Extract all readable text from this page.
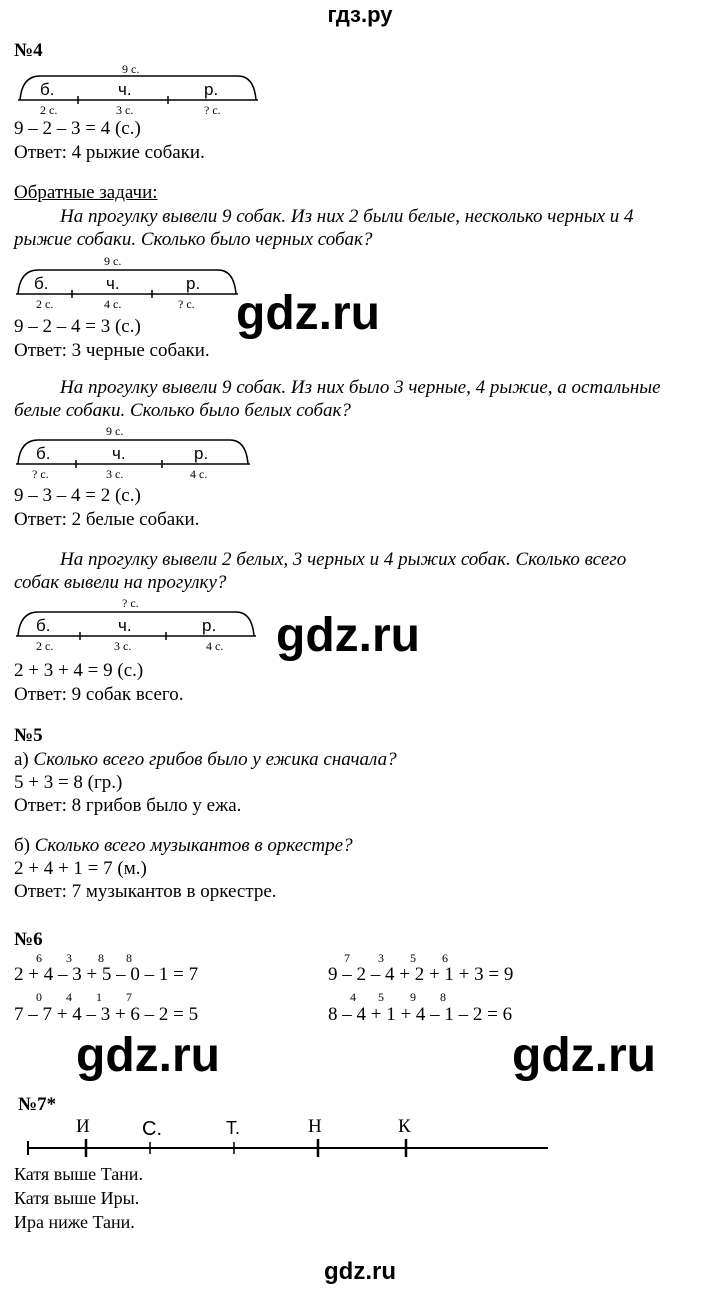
гдз.ру
№4
9 с.
б.	ч.	р.
2 с.	3 с.	? с.
9 – 2 – 3 = 4 (с.)
Ответ: 4 рыжие собаки.
Обратные задачи:
На прогулку вывели 9 собак. Из них 2 были белые, несколько черных и 4
рыжие собаки. Сколько было черных собак?
9 с.
б.	ч.	р.
2 с.	4 с.	? с. gdz.ru
9 – 2 – 4 = 3 (с.)
Ответ: 3 черные собаки.
На прогулку вывели 9 собак. Из них было 3 черные, 4 рыжие, а остальные
белые собаки. Сколько было белых собак?
9 с.
б.	ч.	р.
? с.	3 с.	4 с.
9 – 3 – 4 = 2 (с.)
Ответ: 2 белые собаки.
На прогулку вывели 2 белых, 3 черных и 4 рыжих собак. Сколько всего
собак вывели на прогулку?
? с.
б.	ч.	р.
2 с.	3 с.	4 с. gdz.ru
2 + 3 + 4 = 9 (с.)
Ответ: 9 собак всего.
№5
а) Сколько всего грибов было у ежика сначала?
5 + 3 = 8 (гр.)
Ответ: 8 грибов было у ежа.
б) Сколько всего музыкантов в оркестре?
2 + 4 + 1 = 7 (м.)
Ответ: 7 музыкантов в оркестре.
№6
6 3 8 8
2 + 4 – 3 + 5 – 0 – 1 = 7
0 4 1 7
7 – 7 + 4 – 3 + 6 – 2 = 5
7 3 5 6
9 – 2 – 4 + 2 + 1 + 3 = 9
4 5 9 8
8 – 4 + 1 + 4 – 1 – 2 = 6
gdz.ru	gdz.ru
№7*
И	С.	Т.	Н	К
Катя выше Тани.
Катя выше Иры.
Ира ниже Тани.
gdz.ru
